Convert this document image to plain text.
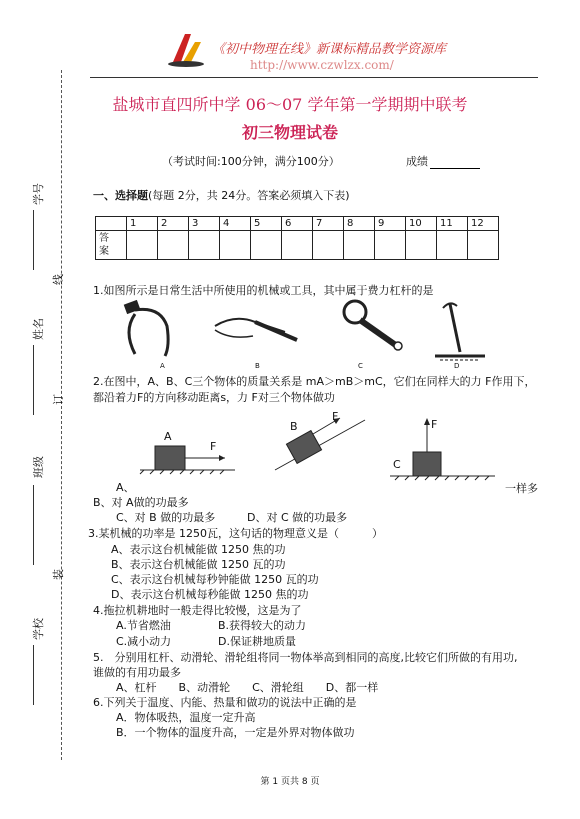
学号
线
姓名
订
班级
装
学校
《初中物理在线》新课标精品教学资源库
http://www.czwlzx.com/
盐城市直四所中学 06～07 学年第一学期期中联考
初三物理试卷
（考试时间:100分钟，满分100分）	成绩
一、选择题(每题 2分，共 24分。答案必须填入下表)
	1	2	3	4	5	6	7	8	9	10	11	12
答
案												
1.如图所示是日常生活中所使用的机械或工具，其中属于费力杠杆的是
A	B	C	D
2.在图中，A、B、C三个物体的质量关系是 mA＞mB＞mC，它们在同样大的力 F作用下，
都沿着力F的方向移动距离s，力 F对三个物体做功
A
F
B
F
C
F
一样多
A、
B、对 A做的功最多
C、对 B 做的功最多	D、对 C 做的功最多
3.某机械的功率是 1250瓦，这句话的物理意义是（　　　）
A、表示这台机械能做 1250 焦的功
B、表示这台机械能做 1250 瓦的功
C、表示这台机械每秒钟能做 1250 瓦的功
D、表示这台机械每秒能做 1250 焦的功
4.拖拉机耕地时一般走得比较慢，这是为了
A.节省燃油	B.获得较大的动力
C.减小动力	D.保证耕地质量
5.　分别用杠杆、动滑轮、滑轮组将同一物体举高到相同的高度,比较它们所做的有用功,
谁做的有用功最多
A、杠杆　　B、动滑轮　　C、滑轮组　　D、都一样
6.下列关于温度、内能、热量和做功的说法中正确的是
A．物体吸热，温度一定升高
B．一个物体的温度升高，一定是外界对物体做功
第 1 页共 8 页
